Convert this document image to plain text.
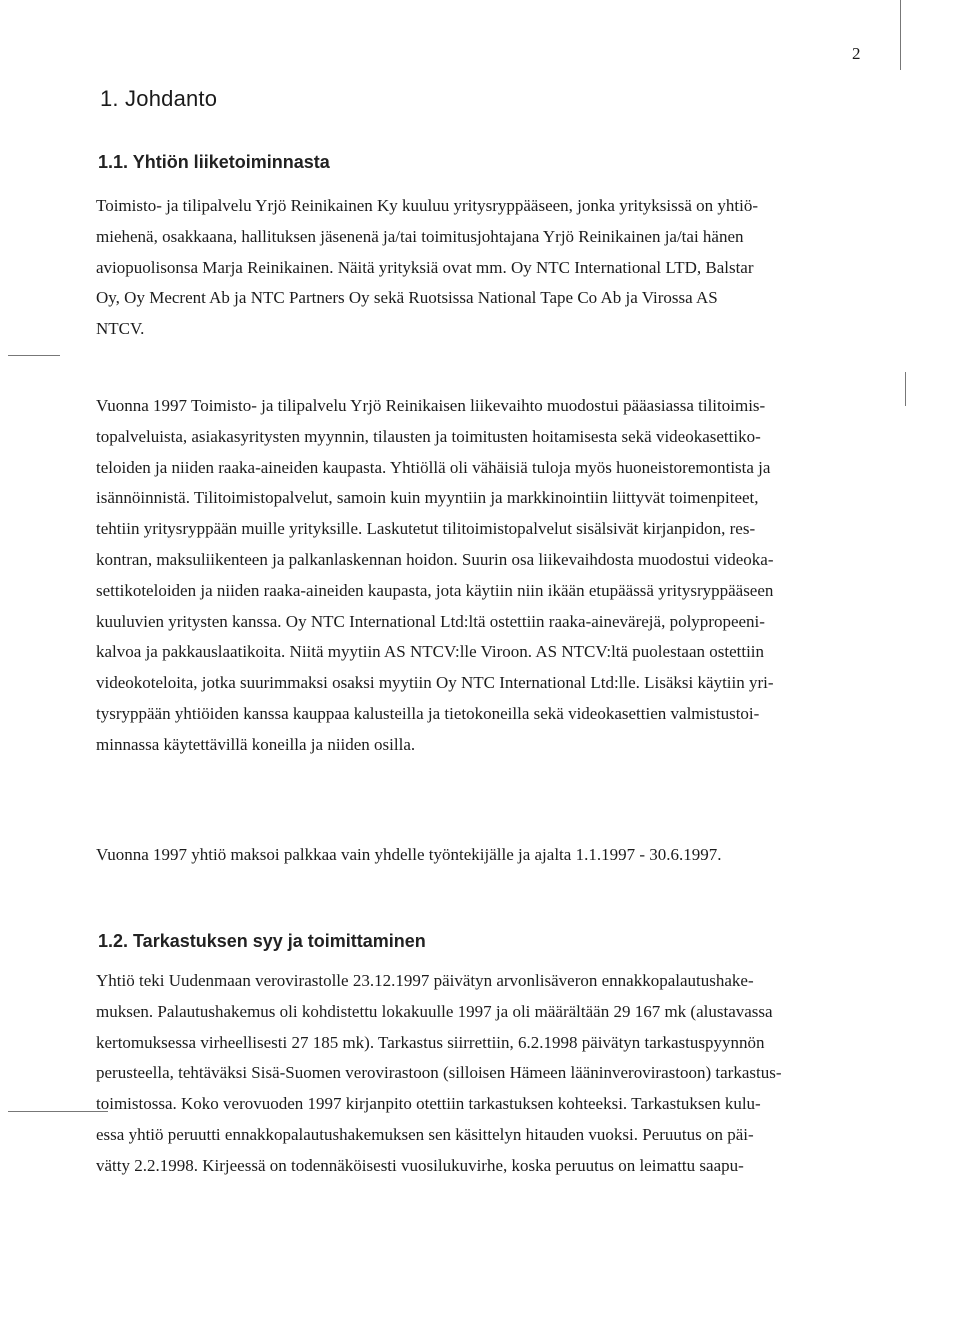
2
1. Johdanto
1.1. Yhtiön liiketoiminnasta
Toimisto- ja tilipalvelu Yrjö Reinikainen Ky kuuluu yritysryppääseen, jonka yrityksissä on yhtiö-
miehenä, osakkaana, hallituksen jäsenenä ja/tai toimitusjohtajana Yrjö Reinikainen ja/tai hänen
aviopuolisonsa Marja Reinikainen. Näitä yrityksiä ovat mm. Oy NTC International LTD, Balstar
Oy, Oy Mecrent Ab ja NTC Partners Oy sekä Ruotsissa National Tape Co Ab ja Virossa AS
NTCV.
Vuonna 1997 Toimisto- ja tilipalvelu Yrjö Reinikaisen liikevaihto muodostui pääasiassa tilitoimis-
topalveluista, asiakasyritysten myynnin, tilausten ja toimitusten hoitamisesta sekä videokasettiko-
teloiden ja niiden raaka-aineiden kaupasta. Yhtiöllä oli vähäisiä tuloja myös huoneistoremontista ja
isännöinnistä. Tilitoimistopalvelut, samoin kuin myyntiin ja markkinointiin liittyvät toimenpiteet,
tehtiin yritysryppään muille yrityksille. Laskutetut tilitoimistopalvelut sisälsivät kirjanpidon, res-
kontran, maksuliikenteen ja palkanlaskennan hoidon. Suurin osa liikevaihdosta muodostui videoka-
settikoteloiden ja niiden raaka-aineiden kaupasta, jota käytiin niin ikään etupäässä yritysryppääseen
kuuluvien yritysten kanssa. Oy NTC International Ltd:ltä ostettiin raaka-ainevärejä, polypropeeni-
kalvoa ja pakkauslaatikoita. Niitä myytiin AS NTCV:lle Viroon. AS NTCV:ltä puolestaan ostettiin
videokoteloita, jotka suurimmaksi osaksi myytiin Oy NTC International Ltd:lle. Lisäksi käytiin yri-
tysryppään yhtiöiden kanssa kauppaa kalusteilla ja tietokoneilla sekä videokasettien valmistustoi-
minnassa käytettävillä koneilla ja niiden osilla.
Vuonna 1997 yhtiö maksoi palkkaa vain yhdelle työntekijälle ja ajalta 1.1.1997 - 30.6.1997.
1.2. Tarkastuksen syy ja toimittaminen
Yhtiö teki Uudenmaan verovirastolle 23.12.1997 päivätyn arvonlisäveron ennakkopalautushake-
muksen. Palautushakemus oli kohdistettu lokakuulle 1997 ja oli määrältään 29 167 mk (alustavassa
kertomuksessa virheellisesti 27 185 mk). Tarkastus siirrettiin, 6.2.1998 päivätyn tarkastuspyynnön
perusteella, tehtäväksi Sisä-Suomen verovirastoon (silloisen Hämeen lääninverovirastoon) tarkastus-
toimistossa. Koko verovuoden 1997 kirjanpito otettiin tarkastuksen kohteeksi. Tarkastuksen kulu-
essa yhtiö peruutti ennakkopalautushakemuksen sen käsittelyn hitauden vuoksi. Peruutus on päi-
vätty 2.2.1998. Kirjeessä on todennäköisesti vuosilukuvirhe, koska peruutus on leimattu saapu-
